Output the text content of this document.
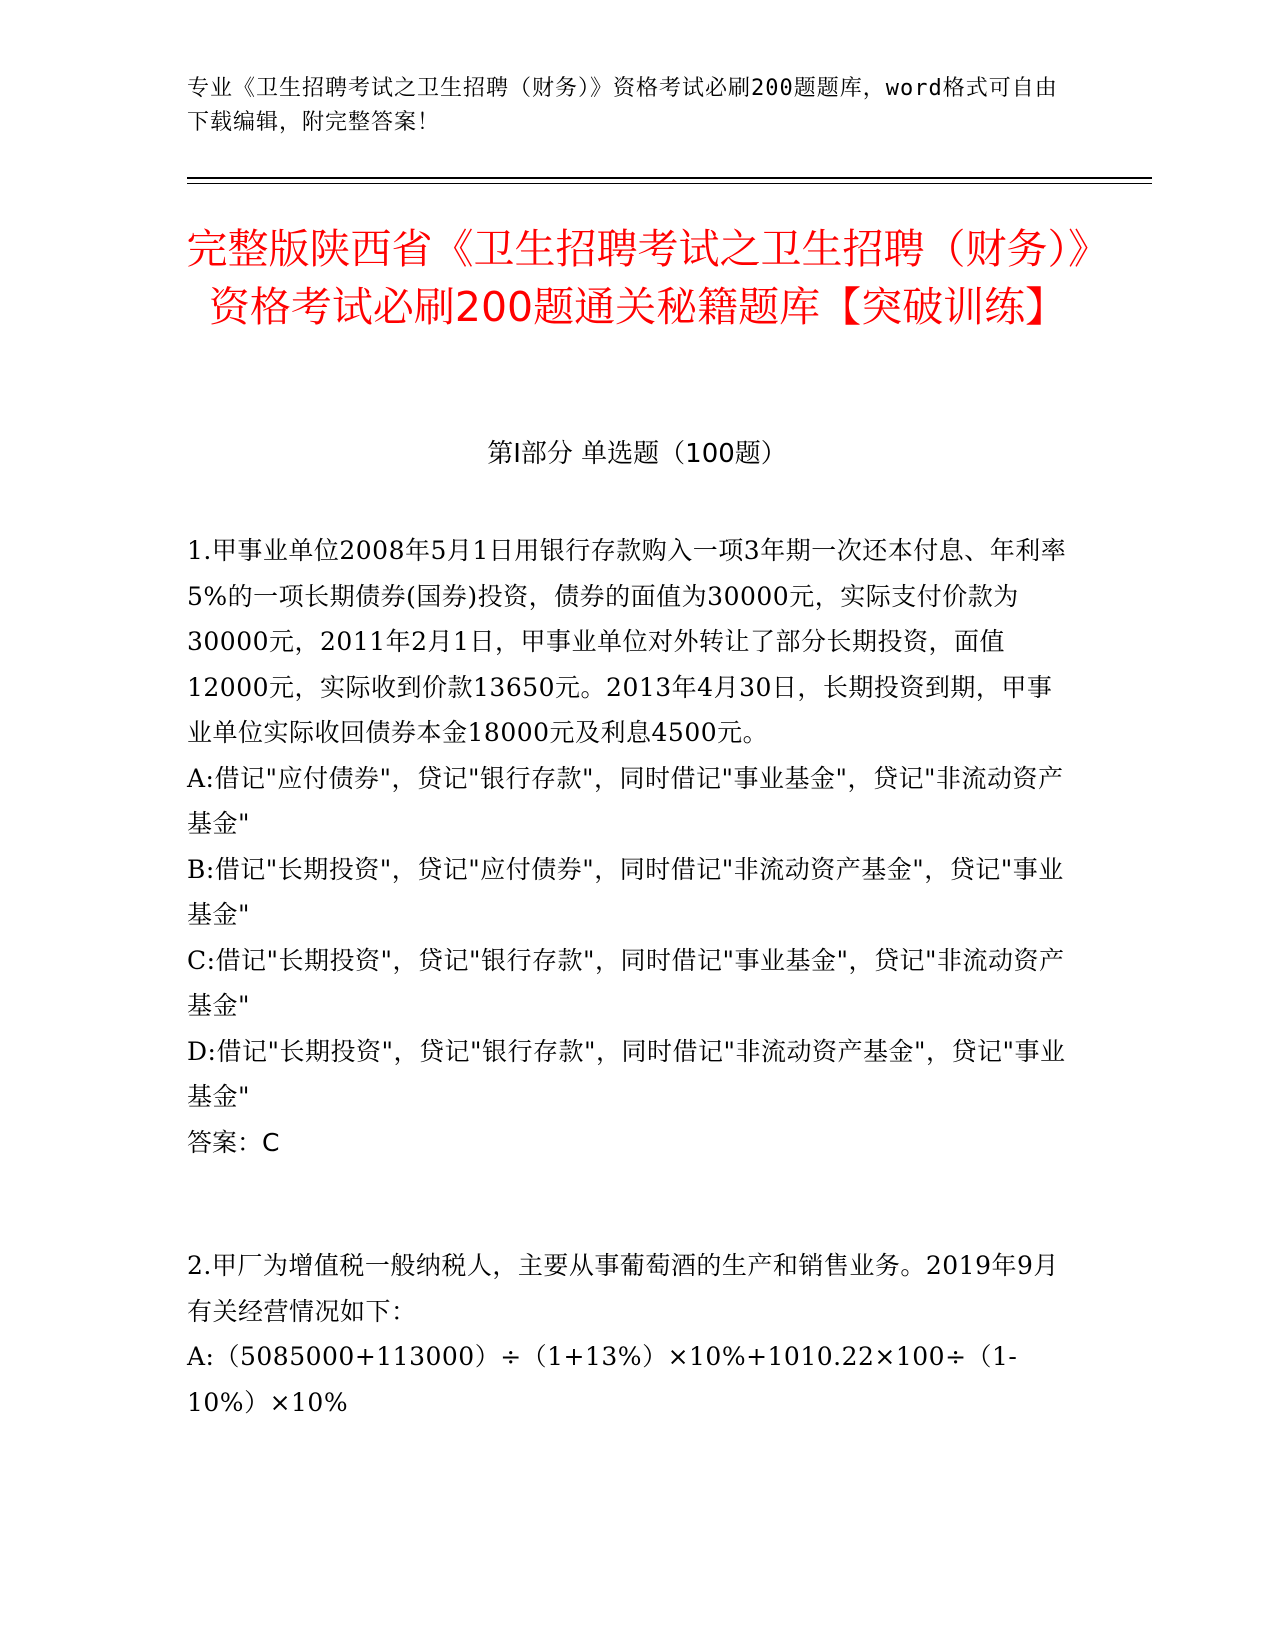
专业《卫生招聘考试之卫生招聘（财务）》资格考试必刷200题题库，word格式可自由下载编辑，附完整答案！
完整版陕西省《卫生招聘考试之卫生招聘（财务）》资格考试必刷200题通关秘籍题库【突破训练】
第I部分 单选题（100题）

1.甲事业单位2008年5月1日用银行存款购入一项3年期一次还本付息、年利率5%的一项长期债券(国券)投资，债券的面值为30000元，实际支付价款为30000元，2011年2月1日，甲事业单位对外转让了部分长期投资，面值12000元，实际收到价款13650元。2013年4月30日，长期投资到期，甲事业单位实际收回债券本金18000元及利息4500元。

A:借记"应付债券"，贷记"银行存款"，同时借记"事业基金"，贷记"非流动资产基金"

B:借记"长期投资"，贷记"应付债券"，同时借记"非流动资产基金"，贷记"事业基金"

C:借记"长期投资"，贷记"银行存款"，同时借记"事业基金"，贷记"非流动资产基金"

D:借记"长期投资"，贷记"银行存款"，同时借记"非流动资产基金"，贷记"事业基金"

答案：C

2.甲厂为增值税一般纳税人，主要从事葡萄酒的生产和销售业务。2019年9月有关经营情况如下：

A:（5085000+113000）÷（1+13%）×10%+1010.22×100÷（1-10%）×10%
